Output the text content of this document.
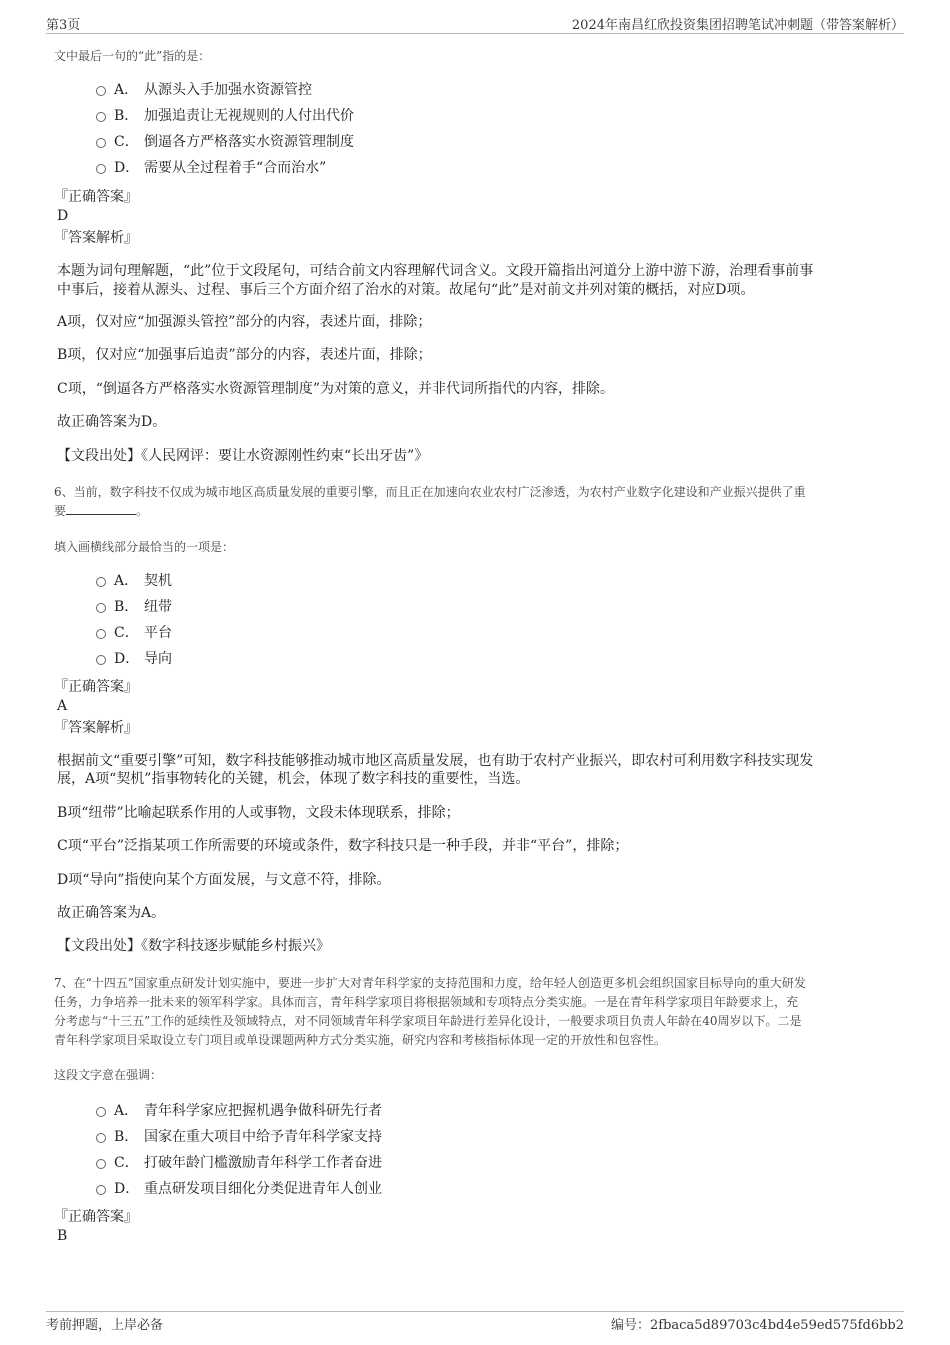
第3页	2024年南昌红欣投资集团招聘笔试冲刺题（带答案解析）
文中最后一句的“此”指的是：
A． 从源头入手加强水资源管控
B． 加强追责让无视规则的人付出代价
C． 倒逼各方严格落实水资源管理制度
D． 需要从全过程着手“合而治水”
『正确答案』
D
『答案解析』
本题为词句理解题，“此”位于文段尾句，可结合前文内容理解代词含义。文段开篇指出河道分上游中游下游，治理看事前事
中事后，接着从源头、过程、事后三个方面介绍了治水的对策。故尾句“此”是对前文并列对策的概括，对应D项。
A项，仅对应“加强源头管控”部分的内容，表述片面，排除；
B项，仅对应“加强事后追责”部分的内容，表述片面，排除；
C项，“倒逼各方严格落实水资源管理制度”为对策的意义，并非代词所指代的内容，排除。
故正确答案为D。
【文段出处】《人民网评：要让水资源刚性约束“长出牙齿”》
6、当前，数字科技不仅成为城市地区高质量发展的重要引擎，而且正在加速向农业农村广泛渗透，为农村产业数字化建设和产业振兴提供了重
要	。
填入画横线部分最恰当的一项是：
A． 契机
B． 纽带
C． 平台
D． 导向
『正确答案』
A
『答案解析』
根据前文“重要引擎”可知，数字科技能够推动城市地区高质量发展，也有助于农村产业振兴，即农村可利用数字科技实现发
展，A项“契机”指事物转化的关键，机会，体现了数字科技的重要性，当选。
B项“纽带”比喻起联系作用的人或事物，文段未体现联系，排除；
C项“平台”泛指某项工作所需要的环境或条件，数字科技只是一种手段，并非“平台”，排除；
D项“导向”指使向某个方面发展，与文意不符，排除。
故正确答案为A。
【文段出处】《数字科技逐步赋能乡村振兴》
7、在“十四五”国家重点研发计划实施中，要进一步扩大对青年科学家的支持范围和力度，给年轻人创造更多机会组织国家目标导向的重大研发
任务，力争培养一批未来的领军科学家。具体而言，青年科学家项目将根据领域和专项特点分类实施。一是在青年科学家项目年龄要求上，充
分考虑与“十三五”工作的延续性及领域特点，对不同领域青年科学家项目年龄进行差异化设计，一般要求项目负责人年龄在40周岁以下。二是
青年科学家项目采取设立专门项目或单设课题两种方式分类实施，研究内容和考核指标体现一定的开放性和包容性。
这段文字意在强调：
A． 青年科学家应把握机遇争做科研先行者
B． 国家在重大项目中给予青年科学家支持
C． 打破年龄门槛激励青年科学工作者奋进
D． 重点研发项目细化分类促进青年人创业
『正确答案』
B
考前押题，上岸必备	编号：2fbaca5d89703c4bd4e59ed575fd6bb2
